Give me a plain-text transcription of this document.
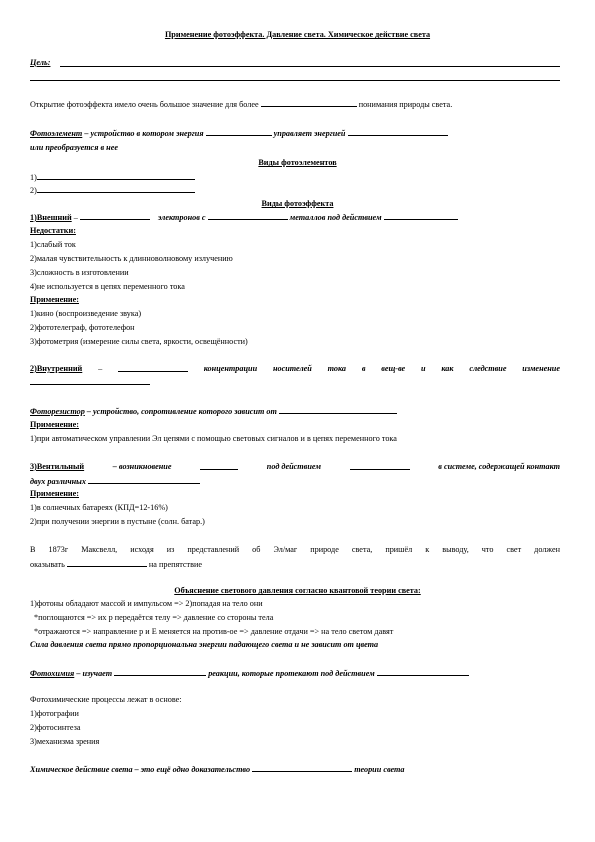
Применение фотоэффекта. Давление света. Химическое действие света
Цель:
Открытие фотоэффекта имело очень большое значение для более	понимания природы света.
Фотоэлемент – устройство в котором энергия	управляет энергией
или преобразуется в нее
Виды фотоэлементов
1)
2)
Виды фотоэффекта
1)Внешний –	электронов с	металлов под действием
Недостатки:
1)слабый ток
2)малая чувствительность к длинноволновому излучению
3)сложность в изготовлении
4)не используется в цепях переменного тока
Применение:
1)кино (воспроизведение звука)
2)фототелеграф, фототелефон
3)фотометрия (измерение силы света, яркости, освещённости)
2)Внутренний –	концентрации носителей тока в вещ-ве и как следствие изменение
Фоторезистор – устройство, сопротивление которого зависит от
Применение:
1)при автоматическом управлении Эл цепями с помощью световых сигналов и в цепях переменного тока
3)Вентильный	– возникновение	под действием	в системе, содержащей контакт
двух различных
Применение:
1)в солнечных батареях (КПД=12-16%)
2)при получении энергии в пустыне (солн. батар.)
В 1873г Максвелл, исходя из представлений об Эл/маг природе света, пришёл к выводу, что свет должен
оказывать	на препятствие
Объяснение светового давления согласно квантовой теории света:
1)фотоны обладают массой и импульсом => 2)попадая на тело они
*поглощаются => их p передаётся телу => давление со стороны тела
*отражаются => направление p и E меняется на против-ое => давление отдачи => на тело светом давят
Сила давления света прямо пропорциональна энергии падающего света и не зависит от цвета
Фотохимия – изучает	реакции, которые протекают под действием
Фотохимические процессы лежат в основе:
1)фотографии
2)фотосинтеза
3)механизма зрения
Химическое действие света – это ещё одно доказательство	теории света
